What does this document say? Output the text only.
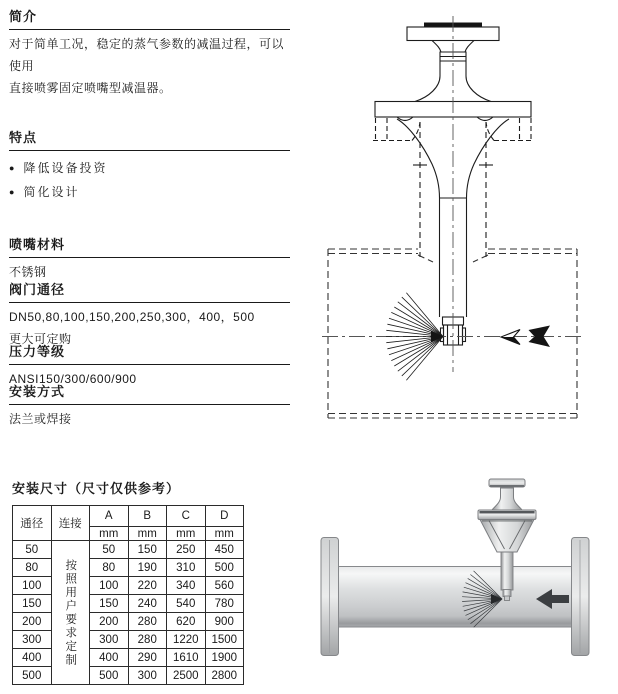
简介
对于简单工况，稳定的蒸气参数的减温过程，可以使用
直接喷雾固定喷嘴型减温器。
特点
● 降低设备投资
● 简化设计
喷嘴材料
不锈钢
阀门通径
DN50,80,100,150,200,250,300，400，500
更大可定购
压力等级
ANSI150/300/600/900
安装方式
法兰或焊接
安装尺寸（尺寸仅供参考）
通径	连接	A	B	C	D
		mm	mm	mm	mm
50	按照用户要求定制	50	150	250	450
80		80	190	310	500
100		100	220	340	560
150		150	240	540	780
200		200	280	620	900
300		300	280	1220	1500
400		400	290	1610	1900
500		500	300	2500	2800
